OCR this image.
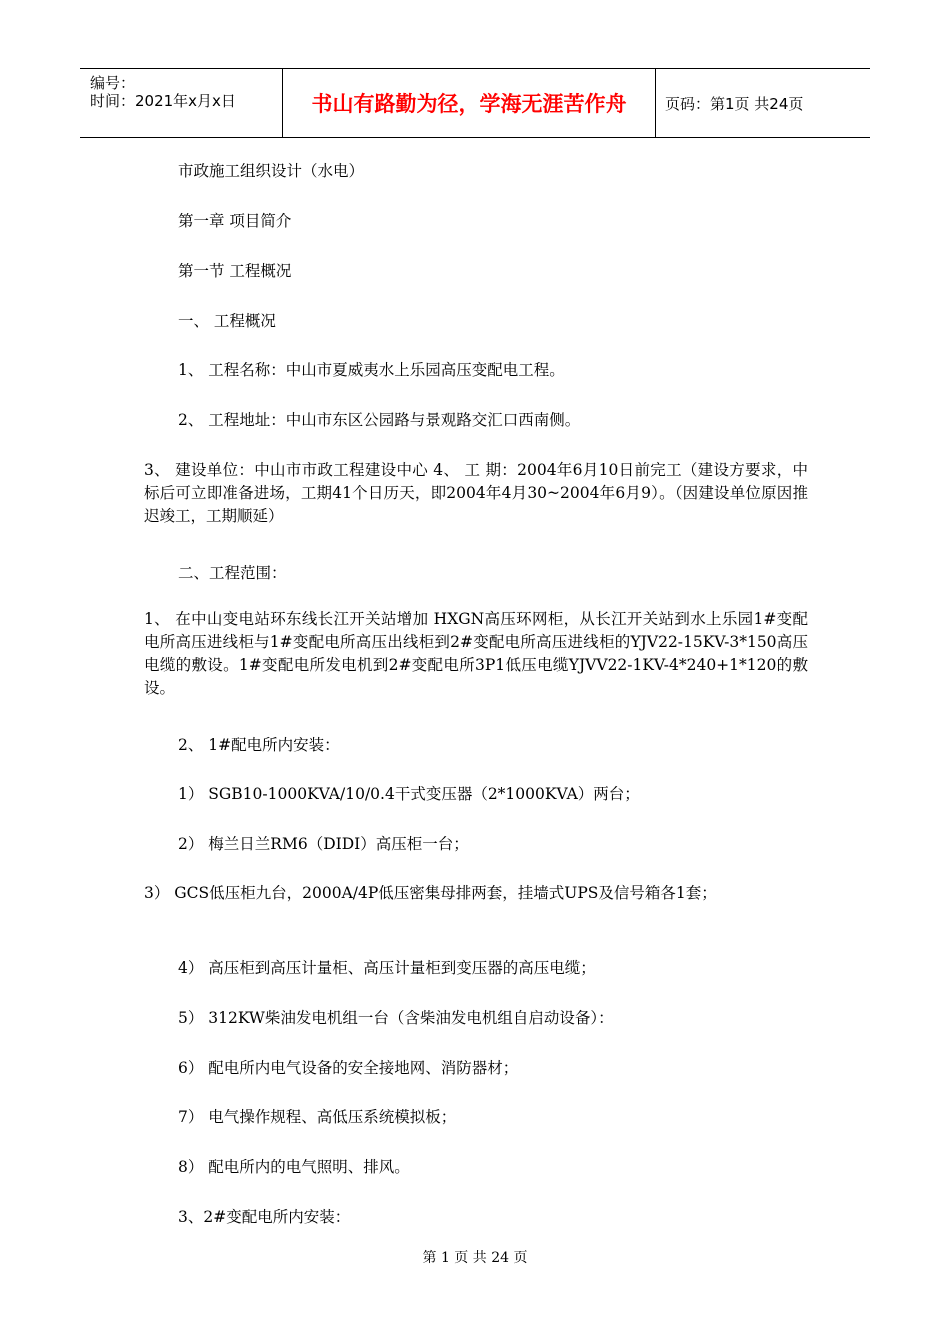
编号：
时间：2021年x月x日	书山有路勤为径，学海无涯苦作舟	页码：第1页 共24页
市政施工组织设计（水电）
第一章 项目简介
第一节 工程概况
一、 工程概况
1、 工程名称：中山市夏威夷水上乐园高压变配电工程。
2、 工程地址：中山市东区公园路与景观路交汇口西南侧。
3、 建设单位：中山市市政工程建设中心 4、 工 期：2004年6月10日前完工（建设方要求，中标后可立即准备进场，工期41个日历天，即2004年4月30~2004年6月9）。（因建设单位原因推迟竣工，工期顺延）
二、工程范围：
1、 在中山变电站环东线长江开关站增加 HXGN高压环网柜，从长江开关站到水上乐园1#变配电所高压进线柜与1#变配电所高压出线柜到2#变配电所高压进线柜的YJV22-15KV-3*150高压电缆的敷设。1#变配电所发电机到2#变配电所3P1低压电缆YJVV22-1KV-4*240+1*120的敷设。
2、 1#配电所内安装：
1） SGB10-1000KVA/10/0.4干式变压器（2*1000KVA）两台；
2） 梅兰日兰RM6（DIDI）高压柜一台；
3） GCS低压柜九台，2000A/4P低压密集母排两套，挂墙式UPS及信号箱各1套；
4） 高压柜到高压计量柜、高压计量柜到变压器的高压电缆；
5） 312KW柴油发电机组一台（含柴油发电机组自启动设备）：
6） 配电所内电气设备的安全接地网、消防器材；
7） 电气操作规程、高低压系统模拟板；
8） 配电所内的电气照明、排风。
3、2#变配电所内安装：
第 1 页 共 24 页
